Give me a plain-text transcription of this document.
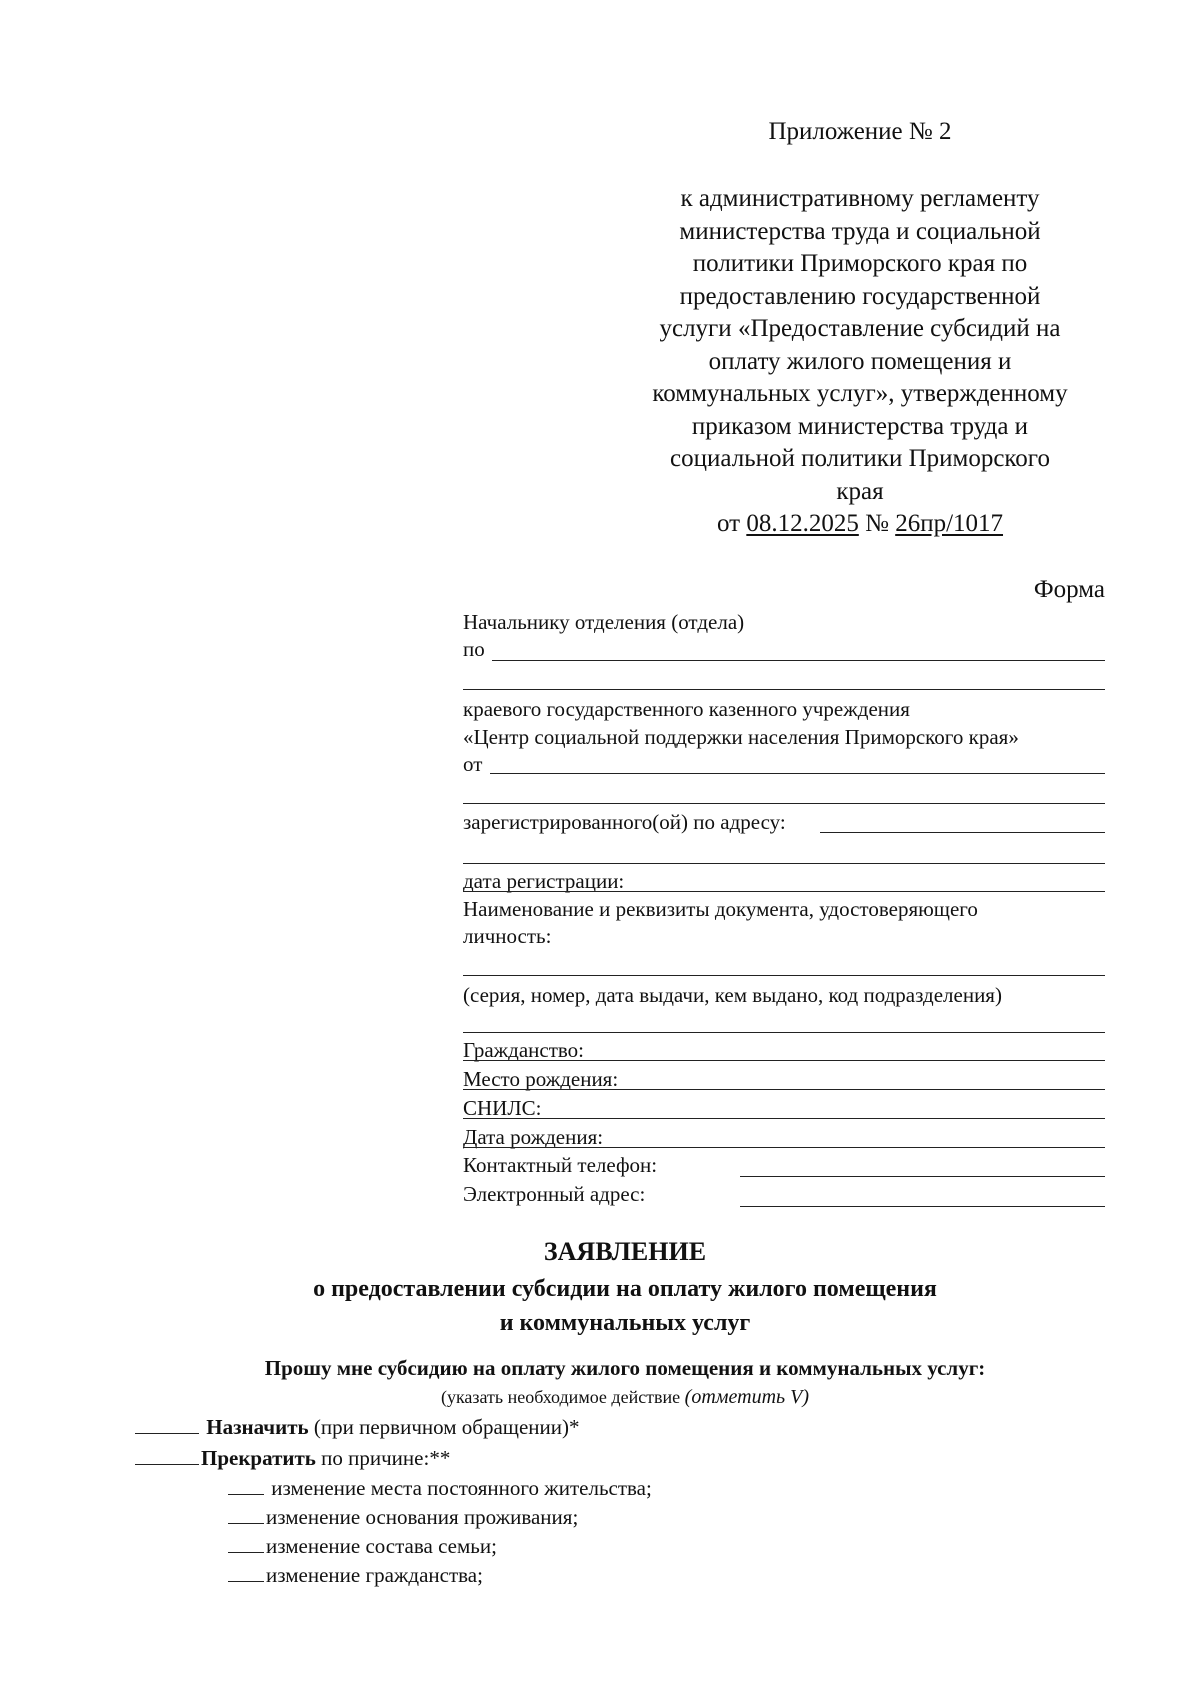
Приложение № 2
к административному регламенту
министерства труда и социальной
политики Приморского края по
предоставлению государственной
услуги «Предоставление субсидий на
оплату жилого помещения и
коммунальных услуг», утвержденному
приказом министерства труда и
социальной политики Приморского
края
от 08.12.2025 № 26пр/1017
Форма
Начальнику отделения (отдела)
по
краевого государственного казенного учреждения
«Центр социальной поддержки населения Приморского края»
от
зарегистрированного(ой) по адресу:
дата регистрации:
Наименование и реквизиты документа, удостоверяющего
личность:
(серия, номер, дата выдачи, кем выдано, код подразделения)
Гражданство:
Место рождения:
СНИЛС:
Дата рождения:
Контактный телефон:
Электронный адрес:
ЗАЯВЛЕНИЕ
о предоставлении субсидии на оплату жилого помещения
и коммунальных услуг
Прошу мне субсидию на оплату жилого помещения и коммунальных услуг:
(указать необходимое действие (отметить V)
Назначить (при первичном обращении)*
Прекратить по причине:**
изменение места постоянного жительства;
изменение основания проживания;
изменение состава семьи;
изменение гражданства;
